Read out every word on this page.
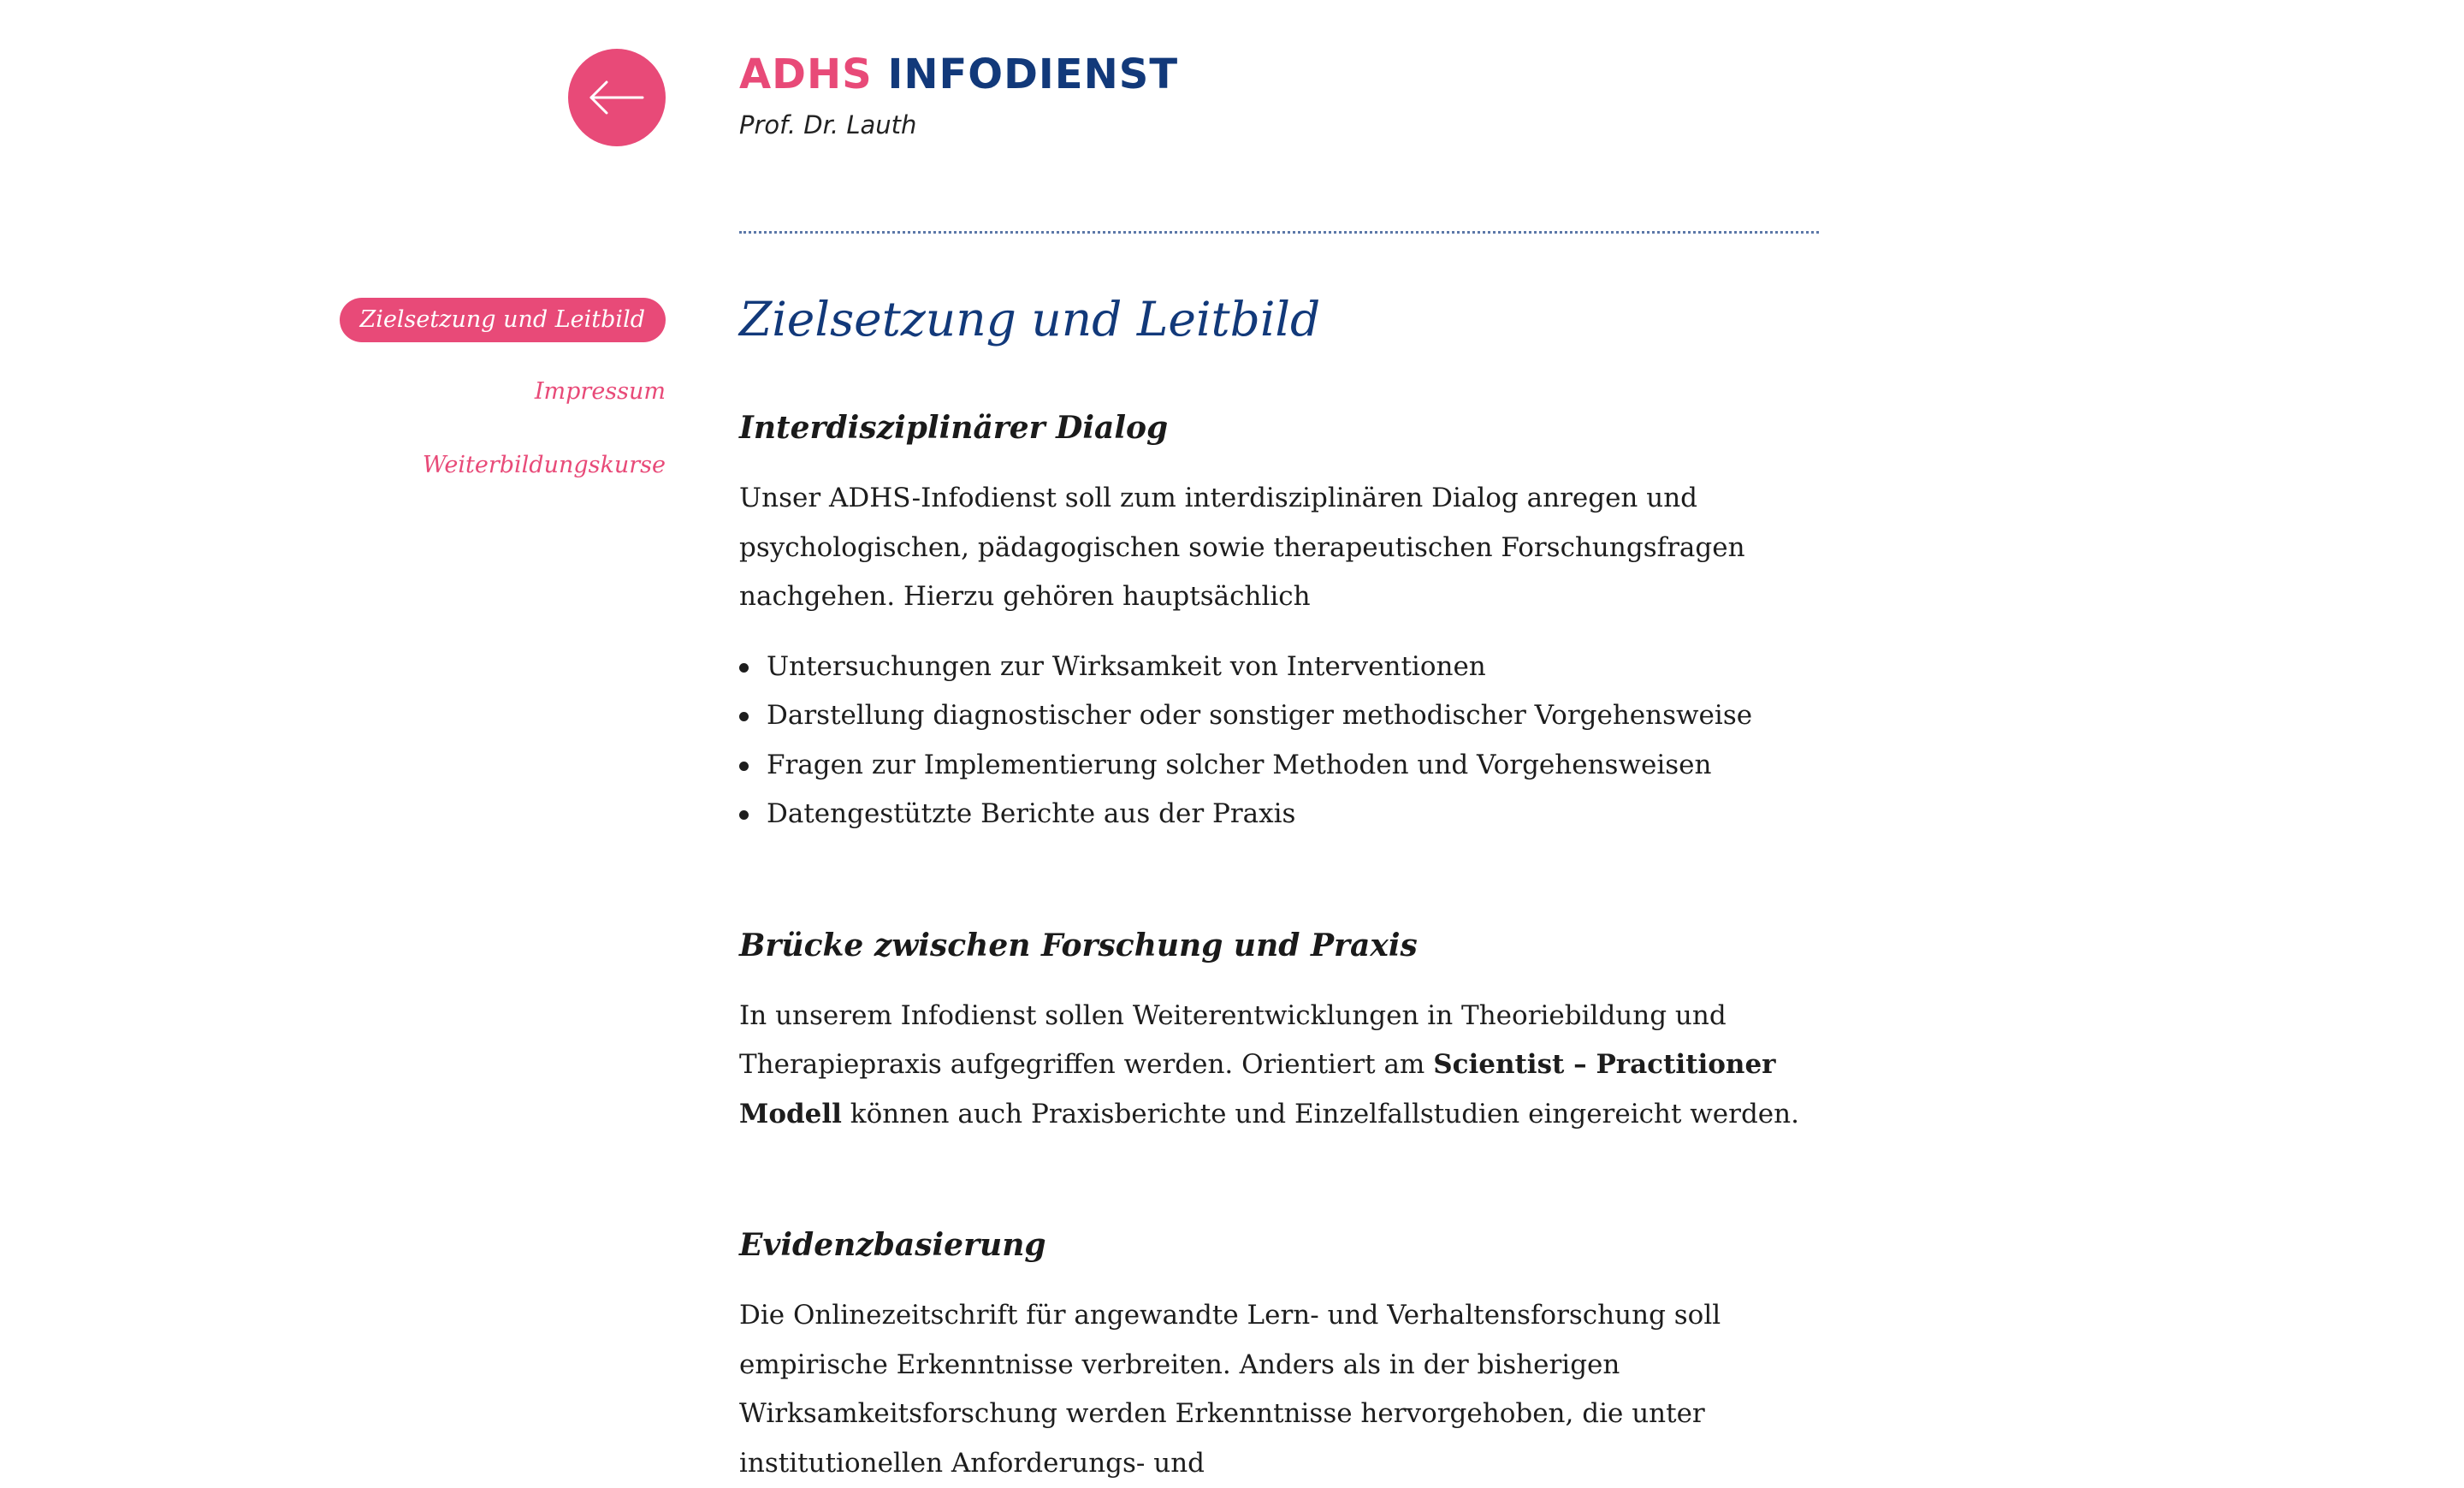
ADHS INFODIENST
Prof. Dr. Lauth
Zielsetzung und Leitbild
Impressum
Weiterbildungskurse
Zielsetzung und Leitbild
Interdisziplinärer Dialog

Unser ADHS-Infodienst soll zum interdisziplinären Dialog anregen und psychologischen, pädagogischen sowie therapeutischen Forschungsfragen nachgehen. Hierzu gehören hauptsächlich

Untersuchungen zur Wirksamkeit von Interventionen
Darstellung diagnostischer oder sonstiger methodischer Vorgehensweise
Fragen zur Implementierung solcher Methoden und Vorgehensweisen
Datengestützte Berichte aus der Praxis
Brücke zwischen Forschung und Praxis

In unserem Infodienst sollen Weiterentwicklungen in Theoriebildung und Therapiepraxis aufgegriffen werden. Orientiert am Scientist – Practitioner Modell können auch Praxisberichte und Einzelfallstudien eingereicht werden.

Evidenzbasierung

Die Onlinezeitschrift für angewandte Lern- und Verhaltensforschung soll empirische Erkenntnisse verbreiten. Anders als in der bisherigen Wirksamkeitsforschung werden Erkenntnisse hervorgehoben, die unter institutionellen Anforderungs- und
